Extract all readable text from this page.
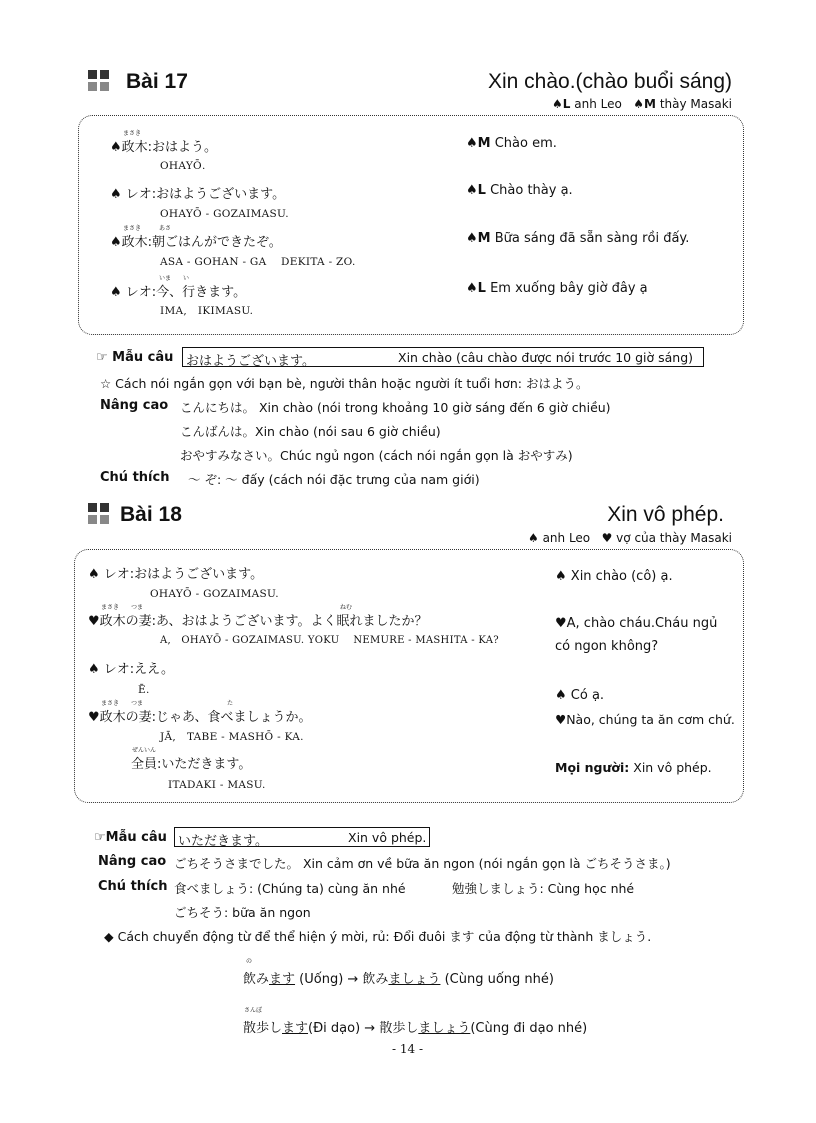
Bài 17	Xin chào.(chào buổi sáng)
♠L anh Leo ♠M thày Masaki
まさき
♠政木:おはよう。
OHAYŌ.
♠M Chào em.
♠ レオ:おはようございます。
OHAYŌ - GOZAIMASU.
♠L Chào thày ạ.
まさき	あさ
♠政木:朝ごはんができたぞ。
ASA - GOHAN - GA    DEKITA - ZO.
♠M Bữa sáng đã sẵn sàng rồi đấy.
いま　　い
♠ レオ:今、行きます。
IMA,   IKIMASU.
♠L Em xuống bây giờ đây ạ
☞ Mẫu câu おはようございます。	Xin chào (câu chào được nói trước 10 giờ sáng)
☆ Cách nói ngắn gọn với bạn bè, người thân hoặc người ít tuổi hơn: おはよう。
Nâng cao こんにちは。 Xin chào (nói trong khoảng 10 giờ sáng đến 6 giờ chiều)
こんばんは。Xin chào (nói sau 6 giờ chiều)
おやすみなさい。Chúc ngủ ngon (cách nói ngắn gọn là おやすみ)
Chú thích ～ ぞ: ～ đấy (cách nói đặc trưng của nam giới)
Bài 18	Xin vô phép.
♠ anh Leo ♥ vợ của thày Masaki
♠ レオ:おはようございます。
OHAYŌ - GOZAIMASU.
まさき　　つま	ねむ
♥政木の妻:あ、おはようございます。よく眠れましたか？
A,   OHAYŌ - GOZAIMASU. YOKU    NEMURE - MASHITA - KA?
♠ レオ:ええ。
Ē.
まさき　　つま	た
♥政木の妻:じゃあ、食べましょうか。
JĀ,   TABE - MASHŌ - KA.
ぜんいん
全員:いただきます。
ITADAKI - MASU.
♠ Xin chào (cô) ạ.
♥A, chào cháu.Cháu ngủ
có ngon không?
♠ Có ạ.
♥Nào, chúng ta ăn cơm chứ.
Mọi người: Xin vô phép.
☞Mẫu câu いただきます。	Xin vô phép.
Nâng cao ごちそうさまでした。 Xin cảm ơn về bữa ăn ngon (nói ngắn gọn là ごちそうさま。)
Chú thích 食べましょう: (Chúng ta) cùng ăn nhé	勉強しましょう: Cùng học nhé
ごちそう: bữa ăn ngon
◆ Cách chuyển động từ để thể hiện ý mời, rủ: Đổi đuôi ます của động từ thành ましょう.
の
飲みます (Uống) → 飲みましょう (Cùng uống nhé)
さんぽ
散歩します(Đi dạo) → 散歩しましょう(Cùng đi dạo nhé)
- 14 -
